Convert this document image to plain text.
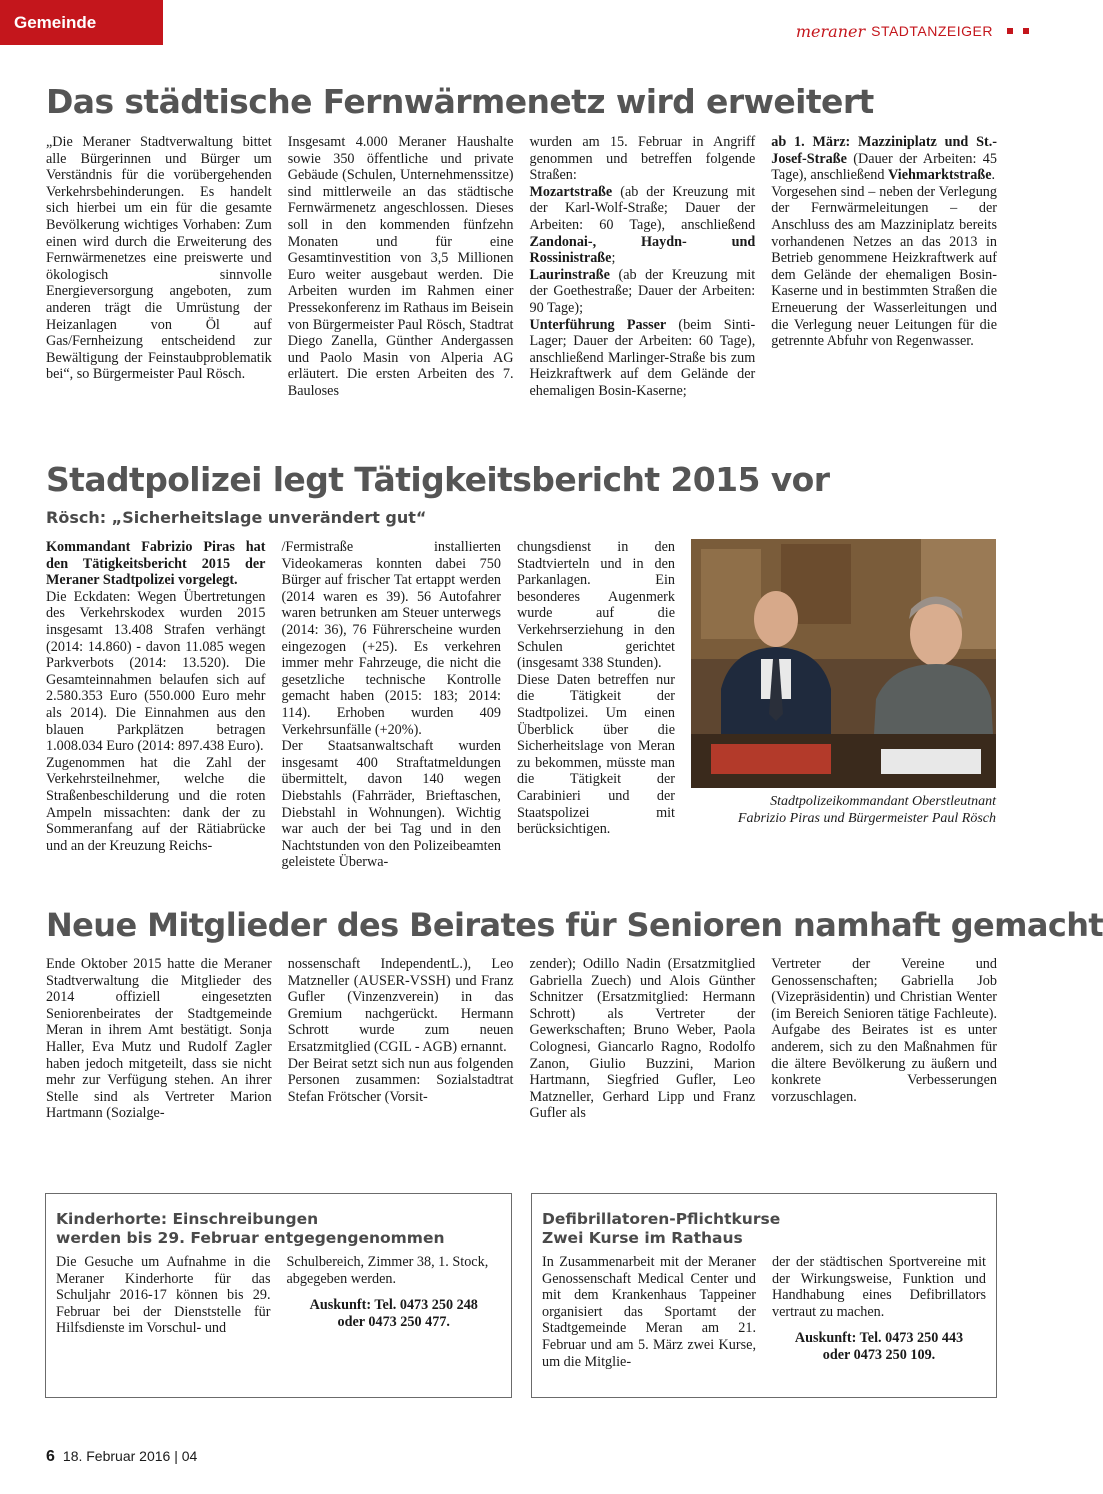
Gemeinde	meraner STADTANZEIGER
Das städtische Fernwärmenetz wird erweitert

„Die Meraner Stadtverwaltung bittet alle Bürgerinnen und Bürger um Verständnis für die vorübergehenden Verkehrsbehinderungen. Es handelt sich hierbei um ein für die gesamte Bevölkerung wichtiges Vorhaben: Zum einen wird durch die Erweiterung des Fernwärmenetzes eine preiswerte und ökologisch sinnvolle Energieversorgung angeboten, zum anderen trägt die Umrüstung der Heizanlagen von Öl auf Gas/Fernheizung entscheidend zur Bewältigung der Feinstaubproblematik bei“, so Bürgermeister Paul Rösch.

Insgesamt 4.000 Meraner Haushalte sowie 350 öffentliche und private Gebäude (Schulen, Unternehmenssitze) sind mittlerweile an das städtische Fernwärmenetz angeschlossen. Dieses soll in den kommenden fünfzehn Monaten und für eine Gesamtinvestition von 3,5 Millionen Euro weiter ausgebaut werden. Die Arbeiten wurden im Rahmen einer Pressekonferenz im Rathaus im Beisein von Bürgermeister Paul Rösch, Stadtrat Diego Zanella, Günther Andergassen und Paolo Masin von Alperia AG erläutert. Die ersten Arbeiten des 7. Bauloses

wurden am 15. Februar in Angriff genommen und betreffen folgende Straßen:

Mozartstraße (ab der Kreuzung mit der Karl-Wolf-Straße; Dauer der Arbeiten: 60 Tage), anschließend Zandonai-, Haydn- und Rossinistraße;

Laurinstraße (ab der Kreuzung mit der Goethestraße; Dauer der Arbeiten: 90 Tage);

Unterführung Passer (beim Sinti-Lager; Dauer der Arbeiten: 60 Tage), anschließend Marlinger-Straße bis zum Heizkraftwerk auf dem Gelände der ehemaligen Bosin-Kaserne;

ab 1. März: Mazziniplatz und St.-Josef-Straße (Dauer der Arbeiten: 45 Tage), anschließend Viehmarktstraße.

Vorgesehen sind – neben der Verlegung der Fernwärmeleitungen – der Anschluss des am Mazziniplatz bereits vorhandenen Netzes an das 2013 in Betrieb genommene Heizkraftwerk auf dem Gelände der ehemaligen Bosin-Kaserne und in bestimmten Straßen die Erneuerung der Wasserleitungen und die Verlegung neuer Leitungen für die getrennte Abfuhr von Regenwasser.

Stadtpolizei legt Tätigkeitsbericht 2015 vor
Rösch: „Sicherheitslage unverändert gut“

Kommandant Fabrizio Piras hat den Tätigkeitsbericht 2015 der Meraner Stadtpolizei vorgelegt.

Die Eckdaten: Wegen Übertretungen des Verkehrskodex wurden 2015 insgesamt 13.408 Strafen verhängt (2014: 14.860) - davon 11.085 wegen Parkverbots (2014: 13.520). Die Gesamteinnahmen belaufen sich auf 2.580.353 Euro (550.000 Euro mehr als 2014). Die Einnahmen aus den blauen Parkplätzen betragen 1.008.034 Euro (2014: 897.438 Euro).

Zugenommen hat die Zahl der Verkehrsteilnehmer, welche die Straßenbeschilderung und die roten Ampeln missachten: dank der zu Sommeranfang auf der Rätiabrücke und an der Kreuzung Reichs-

/Fermistraße installierten Videokameras konnten dabei 750 Bürger auf frischer Tat ertappt werden (2014 waren es 39). 56 Autofahrer waren betrunken am Steuer unterwegs (2014: 36), 76 Führerscheine wurden eingezogen (+25). Es verkehren immer mehr Fahrzeuge, die nicht die gesetzliche technische Kontrolle gemacht haben (2015: 183; 2014: 114). Erhoben wurden 409 Verkehrsunfälle (+20%).

Der Staatsanwaltschaft wurden insgesamt 400 Straftatmeldungen übermittelt, davon 140 wegen Diebstahls (Fahrräder, Brieftaschen, Diebstahl in Wohnungen). Wichtig war auch der bei Tag und in den Nachtstunden von den Polizeibeamten geleistete Überwa-

chungsdienst in den Stadtvierteln und in den Parkanlagen. Ein besonderes Augenmerk wurde auf die Verkehrserziehung in den Schulen gerichtet (insgesamt 338 Stunden).

Diese Daten betreffen nur die Tätigkeit der Stadtpolizei. Um einen Überblick über die Sicherheitslage von Meran zu bekommen, müsste man die Tätigkeit der Carabinieri und der Staatspolizei mit berücksichtigen.

Stadtpolizeikommandant Oberstleutnant
Fabrizio Piras und Bürgermeister Paul Rösch
Neue Mitglieder des Beirates für Senioren namhaft gemacht

Ende Oktober 2015 hatte die Meraner Stadtverwaltung die Mitglieder des 2014 offiziell eingesetzten Seniorenbeirates der Stadtgemeinde Meran in ihrem Amt bestätigt. Sonja Haller, Eva Mutz und Rudolf Zagler haben jedoch mitgeteilt, dass sie nicht mehr zur Verfügung stehen. An ihrer Stelle sind als Vertreter Marion Hartmann (Sozialge-

nossenschaft IndependentL.), Leo Matzneller (AUSER-VSSH) und Franz Gufler (Vinzenzverein) in das Gremium nachgerückt. Hermann Schrott wurde zum neuen Ersatzmitglied (CGIL - AGB) ernannt.
Der Beirat setzt sich nun aus folgenden Personen zusammen: Sozialstadtrat Stefan Frötscher (Vorsit-

zender); Odillo Nadin (Ersatzmitglied Gabriella Zuech) und Alois Günther Schnitzer (Ersatzmitglied: Hermann Schrott) als Vertreter der Gewerkschaften; Bruno Weber, Paola Colognesi, Giancarlo Ragno, Rodolfo Zanon, Giulio Buzzini, Marion Hartmann, Siegfried Gufler, Leo Matzneller, Gerhard Lipp und Franz Gufler als

Vertreter der Vereine und Genossenschaften; Gabriella Job (Vizepräsidentin) und Christian Wenter (im Bereich Senioren tätige Fachleute). Aufgabe des Beirates ist es unter anderem, sich zu den Maßnahmen für die ältere Bevölkerung zu äußern und konkrete Verbesserungen vorzuschlagen.

Kinderhorte: Einschreibungen
werden bis 29. Februar entgegengenommen

Die Gesuche um Aufnahme in die Meraner Kinderhorte für das Schuljahr 2016-17 können bis 29. Februar bei der Dienststelle für Hilfsdienste im Vorschul- und

Schulbereich, Zimmer 38, 1. Stock, abgegeben werden.

Auskunft: Tel. 0473 250 248

oder 0473 250 477.

Defibrillatoren-Pflichtkurse
Zwei Kurse im Rathaus

In Zusammenarbeit mit der Meraner Genossenschaft Medical Center und mit dem Krankenhaus Tappeiner organisiert das Sportamt der Stadtgemeinde Meran am 21. Februar und am 5. März zwei Kurse, um die Mitglie-

der der städtischen Sportvereine mit der Wirkungsweise, Funktion und Handhabung eines Defibrillators vertraut zu machen.

Auskunft: Tel. 0473 250 443

oder 0473 250 109.

6 18. Februar 2016 | 04
